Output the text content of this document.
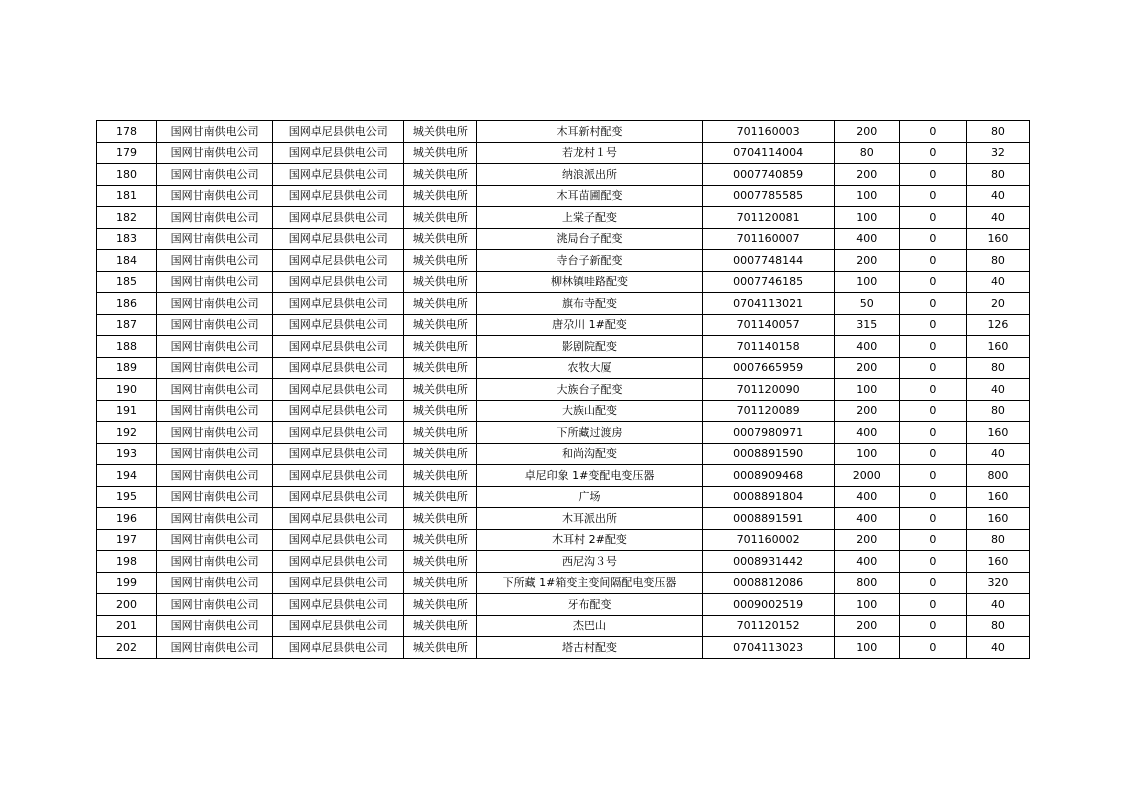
178	国网甘南供电公司	国网卓尼县供电公司	城关供电所	木耳新村配变	701160003	200	0	80
179	国网甘南供电公司	国网卓尼县供电公司	城关供电所	若龙村１号	0704114004	80	0	32
180	国网甘南供电公司	国网卓尼县供电公司	城关供电所	纳浪派出所	0007740859	200	0	80
181	国网甘南供电公司	国网卓尼县供电公司	城关供电所	木耳苗圃配变	0007785585	100	0	40
182	国网甘南供电公司	国网卓尼县供电公司	城关供电所	上棠子配变	701120081	100	0	40
183	国网甘南供电公司	国网卓尼县供电公司	城关供电所	洮局台子配变	701160007	400	0	160
184	国网甘南供电公司	国网卓尼县供电公司	城关供电所	寺台子新配变	0007748144	200	0	80
185	国网甘南供电公司	国网卓尼县供电公司	城关供电所	柳林镇哇路配变	0007746185	100	0	40
186	国网甘南供电公司	国网卓尼县供电公司	城关供电所	旗布寺配变	0704113021	50	0	20
187	国网甘南供电公司	国网卓尼县供电公司	城关供电所	唐尕川 1#配变	701140057	315	0	126
188	国网甘南供电公司	国网卓尼县供电公司	城关供电所	影剧院配变	701140158	400	0	160
189	国网甘南供电公司	国网卓尼县供电公司	城关供电所	农牧大厦	0007665959	200	0	80
190	国网甘南供电公司	国网卓尼县供电公司	城关供电所	大族台子配变	701120090	100	0	40
191	国网甘南供电公司	国网卓尼县供电公司	城关供电所	大族山配变	701120089	200	0	80
192	国网甘南供电公司	国网卓尼县供电公司	城关供电所	下所藏过渡房	0007980971	400	0	160
193	国网甘南供电公司	国网卓尼县供电公司	城关供电所	和尚沟配变	0008891590	100	0	40
194	国网甘南供电公司	国网卓尼县供电公司	城关供电所	卓尼印象 1#变配电变压器	0008909468	2000	0	800
195	国网甘南供电公司	国网卓尼县供电公司	城关供电所	广场	0008891804	400	0	160
196	国网甘南供电公司	国网卓尼县供电公司	城关供电所	木耳派出所	0008891591	400	0	160
197	国网甘南供电公司	国网卓尼县供电公司	城关供电所	木耳村 2#配变	701160002	200	0	80
198	国网甘南供电公司	国网卓尼县供电公司	城关供电所	西尼沟３号	0008931442	400	0	160
199	国网甘南供电公司	国网卓尼县供电公司	城关供电所	下所藏 1#箱变主变间隔配电变压器	0008812086	800	0	320
200	国网甘南供电公司	国网卓尼县供电公司	城关供电所	牙布配变	0009002519	100	0	40
201	国网甘南供电公司	国网卓尼县供电公司	城关供电所	杰巴山	701120152	200	0	80
202	国网甘南供电公司	国网卓尼县供电公司	城关供电所	塔古村配变	0704113023	100	0	40
